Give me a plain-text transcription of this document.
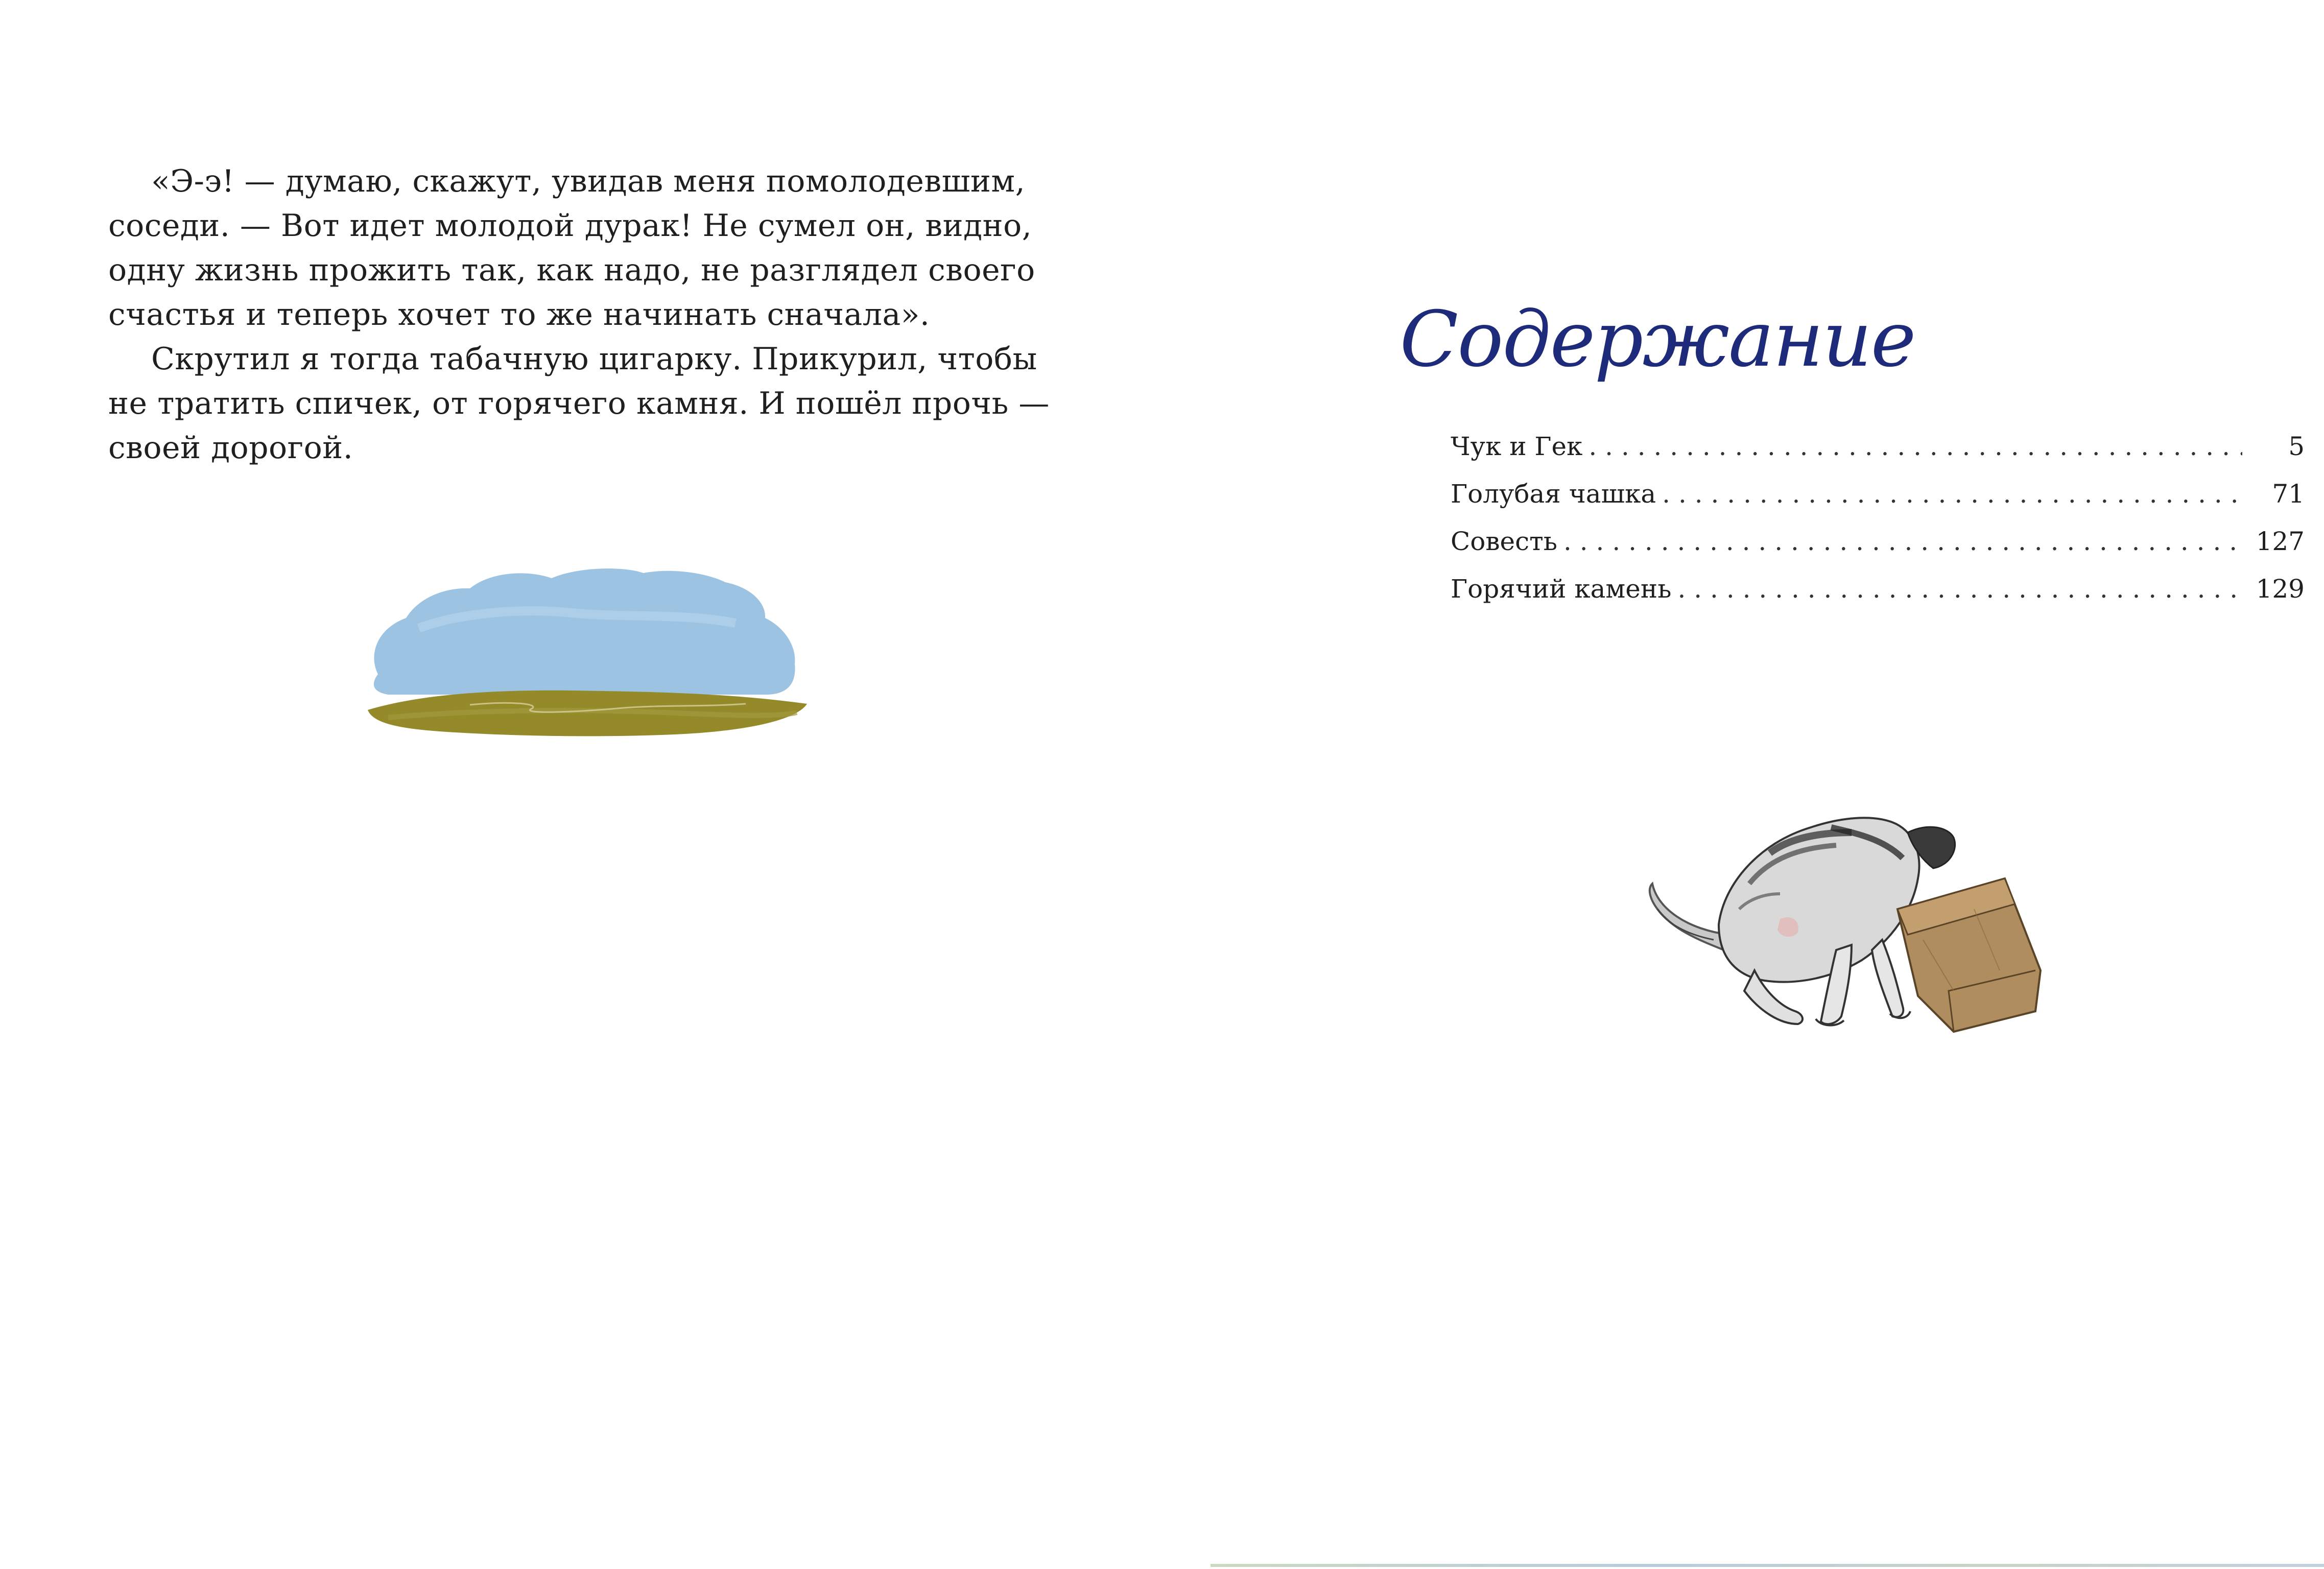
«Э-э! — думаю, скажут, увидав меня помолодевшим,
соседи. — Вот идет молодой дурак! Не сумел он, видно,
одну жизнь прожить так, как надо, не разглядел своего
счастья и теперь хочет то же начинать сначала».

Скрутил я тогда табачную цигарку. Прикурил, чтобы
не тратить спичек, от горячего камня. И пошёл прочь —
своей дорогой.

Содержание
Чук и Гек . . .	5
Голубая чашка . . .	71
Совесть . . .	127
Горячий камень . . .	129
